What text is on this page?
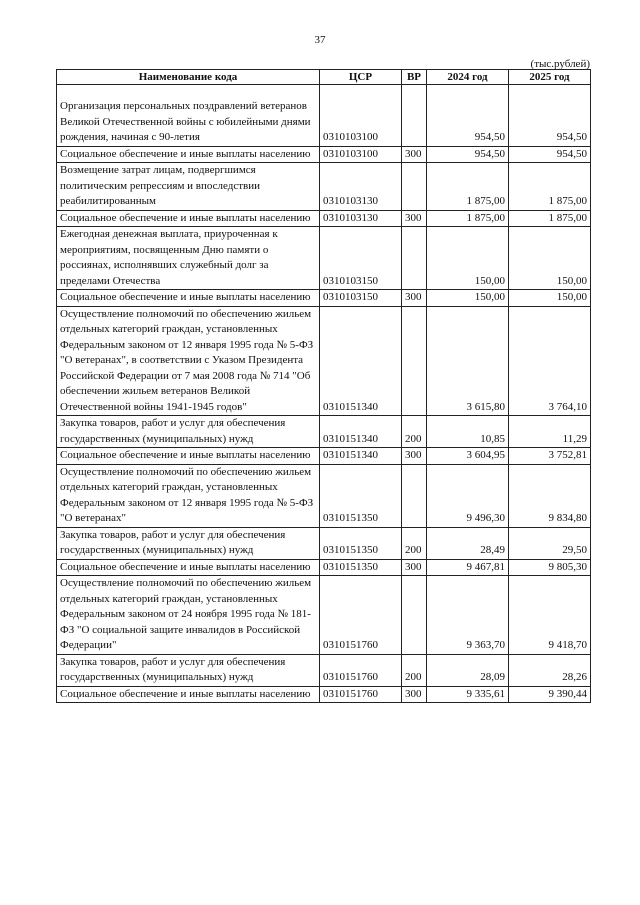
37
(тыс.рублей)
Наименование кода	ЦСР	ВР	2024 год	2025 год
Организация персональных поздравлений ветеранов Великой Отечественной войны с юбилейными днями рождения, начиная с 90-летия	0310103100		954,50	954,50
Социальное обеспечение и иные выплаты населению	0310103100	300	954,50	954,50
Возмещение затрат лицам, подвергшимся политическим репрессиям и впоследствии реабилитированным	0310103130		1 875,00	1 875,00
Социальное обеспечение и иные выплаты населению	0310103130	300	1 875,00	1 875,00
Ежегодная денежная выплата, приуроченная к мероприятиям, посвященным Дню памяти о россиянах, исполнявших служебный долг за пределами Отечества	0310103150		150,00	150,00
Социальное обеспечение и иные выплаты населению	0310103150	300	150,00	150,00
Осуществление полномочий по обеспечению жильем отдельных категорий граждан, установленных Федеральным законом от 12 января 1995 года № 5-ФЗ "О ветеранах", в соответствии с Указом Президента Российской Федерации от 7 мая 2008 года № 714 "Об обеспечении жильем ветеранов Великой Отечественной войны 1941-1945 годов"	0310151340		3 615,80	3 764,10
Закупка товаров, работ и услуг для обеспечения государственных (муниципальных) нужд	0310151340	200	10,85	11,29
Социальное обеспечение и иные выплаты населению	0310151340	300	3 604,95	3 752,81
Осуществление полномочий по обеспечению жильем отдельных категорий граждан, установленных Федеральным законом от 12 января 1995 года № 5-ФЗ "О ветеранах"	0310151350		9 496,30	9 834,80
Закупка товаров, работ и услуг для обеспечения государственных (муниципальных) нужд	0310151350	200	28,49	29,50
Социальное обеспечение и иные выплаты населению	0310151350	300	9 467,81	9 805,30
Осуществление полномочий по обеспечению жильем отдельных категорий граждан, установленных Федеральным законом от 24 ноября 1995 года № 181-ФЗ "О социальной защите инвалидов в Российской Федерации"	0310151760		9 363,70	9 418,70
Закупка товаров, работ и услуг для обеспечения государственных (муниципальных) нужд	0310151760	200	28,09	28,26
Социальное обеспечение и иные выплаты населению	0310151760	300	9 335,61	9 390,44
